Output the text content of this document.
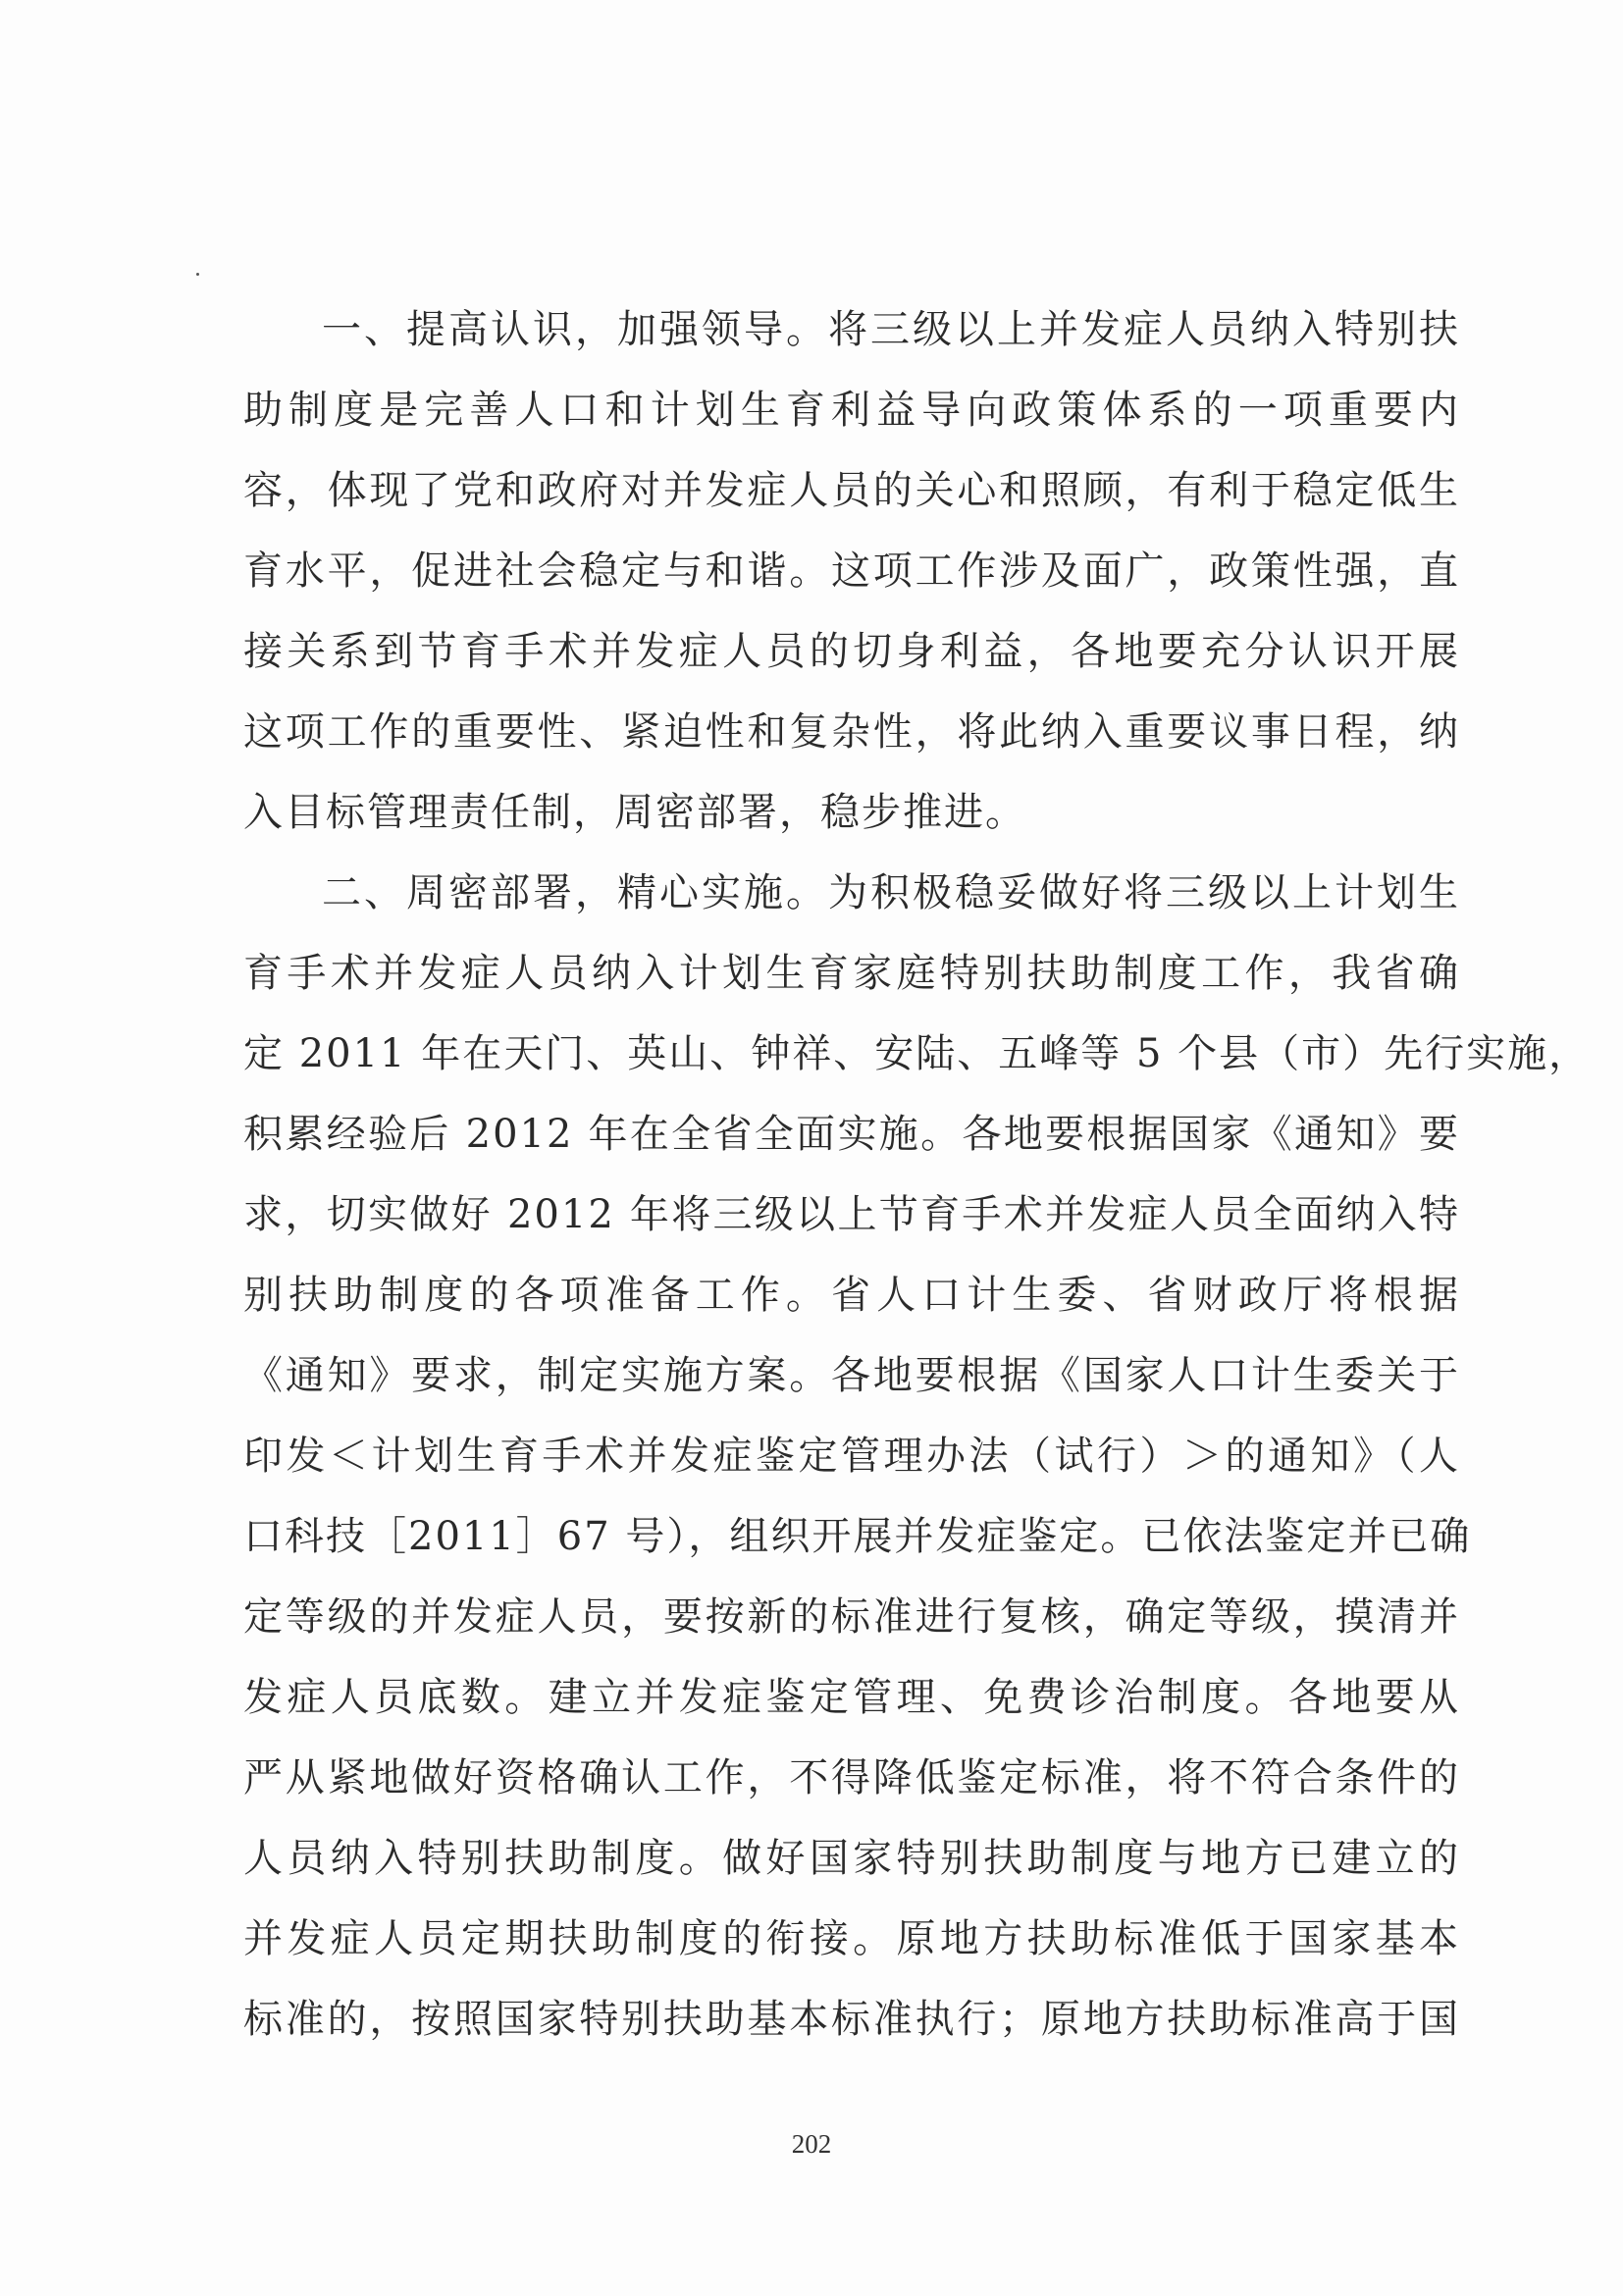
一、提高认识，加强领导。将三级以上并发症人员纳入特别扶
助制度是完善人口和计划生育利益导向政策体系的一项重要内
容，体现了党和政府对并发症人员的关心和照顾，有利于稳定低生
育水平，促进社会稳定与和谐。这项工作涉及面广，政策性强，直
接关系到节育手术并发症人员的切身利益，各地要充分认识开展
这项工作的重要性、紧迫性和复杂性，将此纳入重要议事日程，纳
入目标管理责任制，周密部署，稳步推进。
二、周密部署，精心实施。为积极稳妥做好将三级以上计划生
育手术并发症人员纳入计划生育家庭特别扶助制度工作，我省确
定 2011 年在天门、英山、钟祥、安陆、五峰等 5 个县（市）先行实施，
积累经验后 2012 年在全省全面实施。各地要根据国家《通知》要
求，切实做好 2012 年将三级以上节育手术并发症人员全面纳入特
别扶助制度的各项准备工作。省人口计生委、省财政厅将根据
《通知》要求，制定实施方案。各地要根据《国家人口计生委关于
印发＜计划生育手术并发症鉴定管理办法（试行）＞的通知》（人
口科技［2011］67 号），组织开展并发症鉴定。已依法鉴定并已确
定等级的并发症人员，要按新的标准进行复核，确定等级，摸清并
发症人员底数。建立并发症鉴定管理、免费诊治制度。各地要从
严从紧地做好资格确认工作，不得降低鉴定标准，将不符合条件的
人员纳入特别扶助制度。做好国家特别扶助制度与地方已建立的
并发症人员定期扶助制度的衔接。原地方扶助标准低于国家基本
标准的，按照国家特别扶助基本标准执行；原地方扶助标准高于国
202
